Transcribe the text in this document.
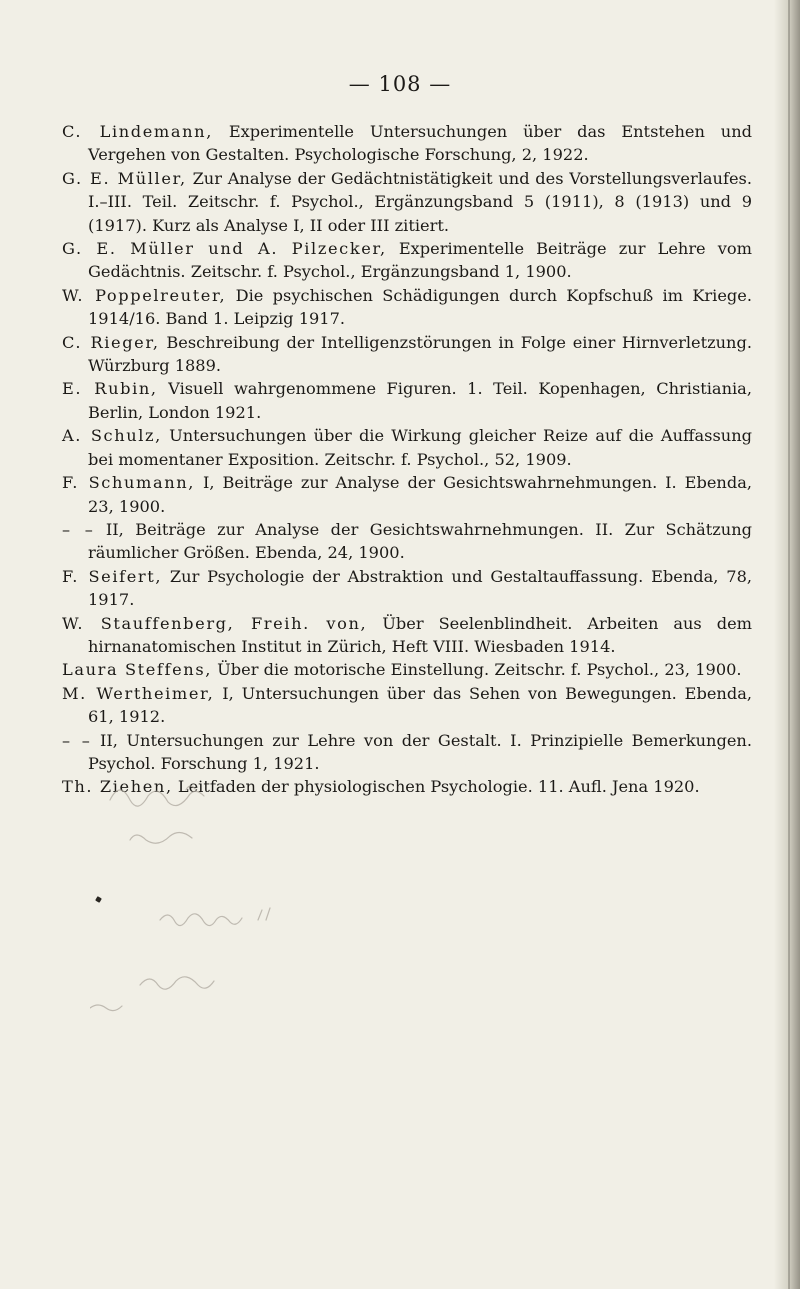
— 108 —
C. Lindemann, Experimentelle Untersuchungen über das Entstehen und Vergehen von Gestalten. Psychologische Forschung, 2, 1922.
G. E. Müller, Zur Analyse der Gedächtnistätigkeit und des Vorstellungsverlaufes. I.–III. Teil. Zeitschr. f. Psychol., Ergänzungsband 5 (1911), 8 (1913) und 9 (1917). Kurz als Analyse I, II oder III zitiert.
G. E. Müller und A. Pilzecker, Experimentelle Beiträge zur Lehre vom Gedächtnis. Zeitschr. f. Psychol., Ergänzungsband 1, 1900.
W. Poppelreuter, Die psychischen Schädigungen durch Kopfschuß im Kriege. 1914/16. Band 1. Leipzig 1917.
C. Rieger, Beschreibung der Intelligenzstörungen in Folge einer Hirnverletzung. Würzburg 1889.
E. Rubin, Visuell wahrgenommene Figuren. 1. Teil. Kopenhagen, Christiania, Berlin, London 1921.
A. Schulz, Untersuchungen über die Wirkung gleicher Reize auf die Auffassung bei momentaner Exposition. Zeitschr. f. Psychol., 52, 1909.
F. Schumann, I, Beiträge zur Analyse der Gesichtswahrnehmungen. I. Ebenda, 23, 1900.
– – II, Beiträge zur Analyse der Gesichtswahrnehmungen. II. Zur Schätzung räumlicher Größen. Ebenda, 24, 1900.
F. Seifert, Zur Psychologie der Abstraktion und Gestaltauffassung. Ebenda, 78, 1917.
W. Stauffenberg, Freih. von, Über Seelenblindheit. Arbeiten aus dem hirnanatomischen Institut in Zürich, Heft VIII. Wiesbaden 1914.
Laura Steffens, Über die motorische Einstellung. Zeitschr. f. Psychol., 23, 1900.
M. Wertheimer, I, Untersuchungen über das Sehen von Bewegungen. Ebenda, 61, 1912.
– – II, Untersuchungen zur Lehre von der Gestalt. I. Prinzipielle Bemerkungen. Psychol. Forschung 1, 1921.
Th. Ziehen, Leitfaden der physiologischen Psychologie. 11. Aufl. Jena 1920.
